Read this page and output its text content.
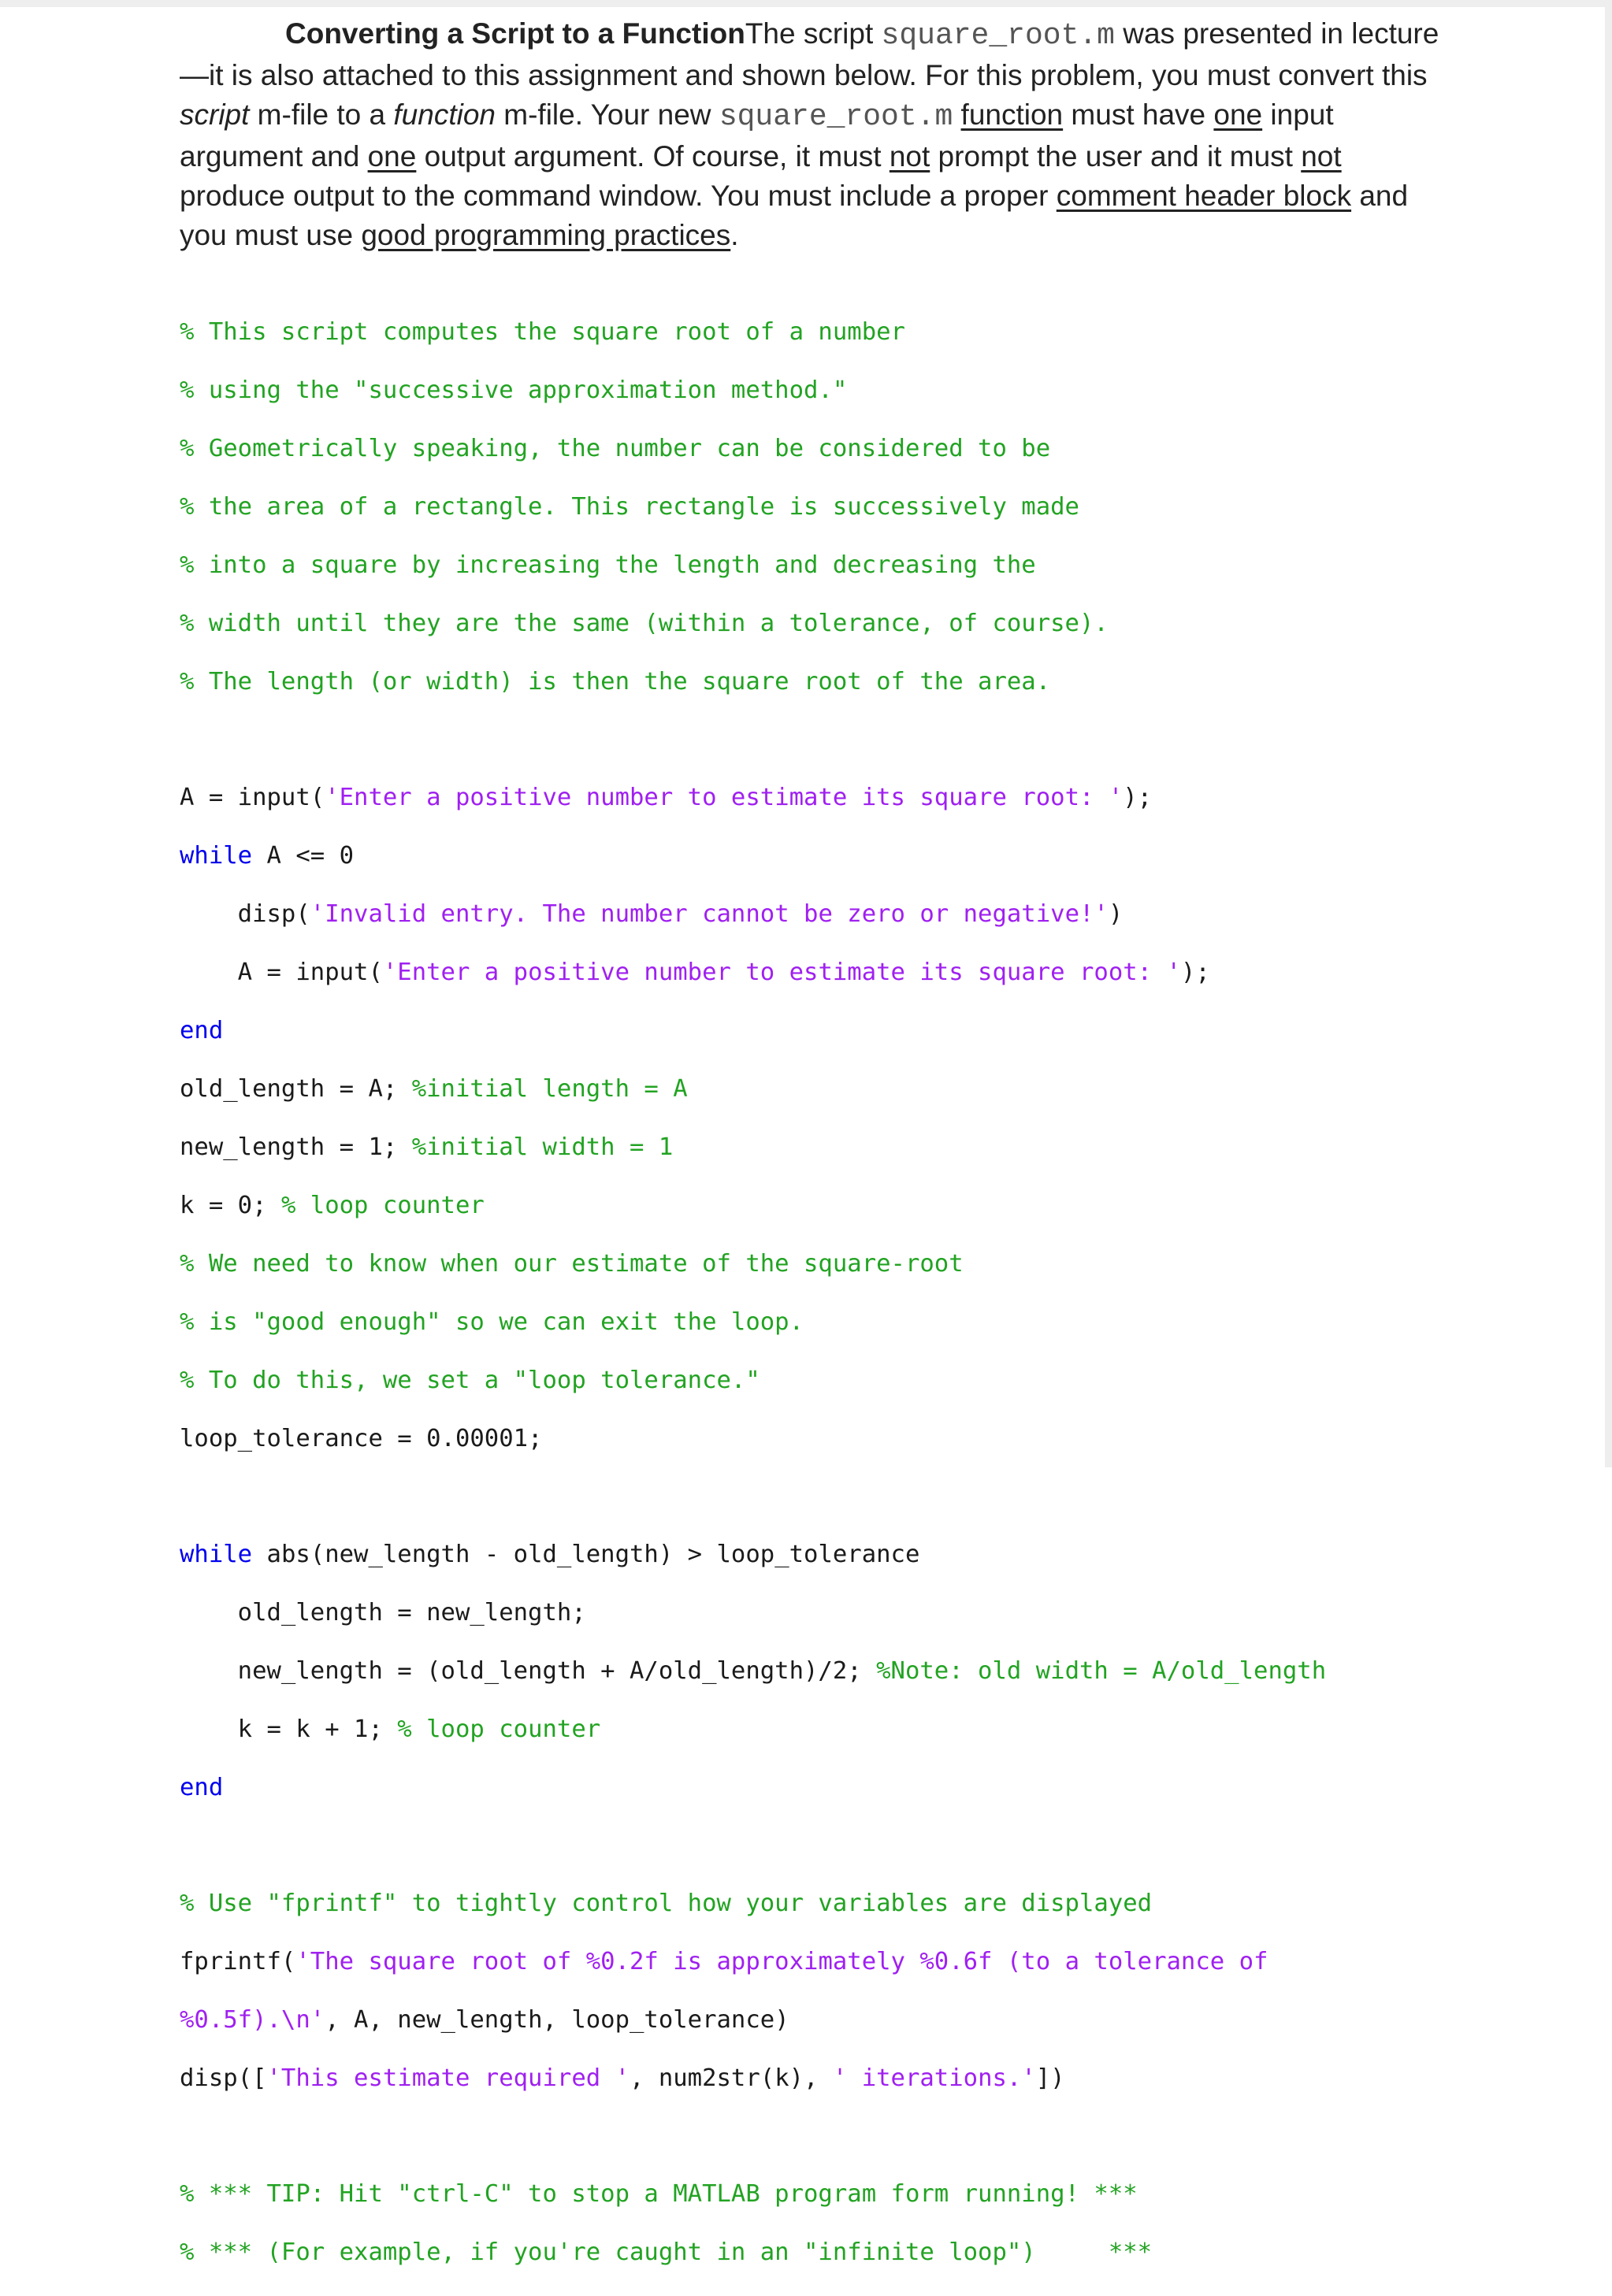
Converting a Script to a FunctionThe script square_root.m was presented in lecture—it is also attached to this assignment and shown below. For this problem, you must convert this script m-file to a function m-file. Your new square_root.m function must have one input argument and one output argument. Of course, it must not prompt the user and it must not produce output to the command window. You must include a proper comment header block and you must use good programming practices.

% This script computes the square root of a number

% using the "successive approximation method."

% Geometrically speaking, the number can be considered to be

% the area of a rectangle. This rectangle is successively made

% into a square by increasing the length and decreasing the

% width until they are the same (within a tolerance, of course).

% The length (or width) is then the square root of the area.

A = input('Enter a positive number to estimate its square root: ');

while A <= 0

disp('Invalid entry. The number cannot be zero or negative!')

A = input('Enter a positive number to estimate its square root: ');

end

old_length = A; %initial length = A

new_length = 1; %initial width = 1

k = 0; % loop counter

% We need to know when our estimate of the square-root

% is "good enough" so we can exit the loop.

% To do this, we set a "loop tolerance."

loop_tolerance = 0.00001;

while abs(new_length - old_length) > loop_tolerance

old_length = new_length;

new_length = (old_length + A/old_length)/2; %Note: old width = A/old_length

k = k + 1; % loop counter

end

% Use "fprintf" to tightly control how your variables are displayed

fprintf('The square root of %0.2f is approximately %0.6f (to a tolerance of

%0.5f).\n', A, new_length, loop_tolerance)

disp(['This estimate required ', num2str(k), ' iterations.'])

% *** TIP: Hit "ctrl-C" to stop a MATLAB program form running! ***

% *** (For example, if you're caught in an "infinite loop")     ***
